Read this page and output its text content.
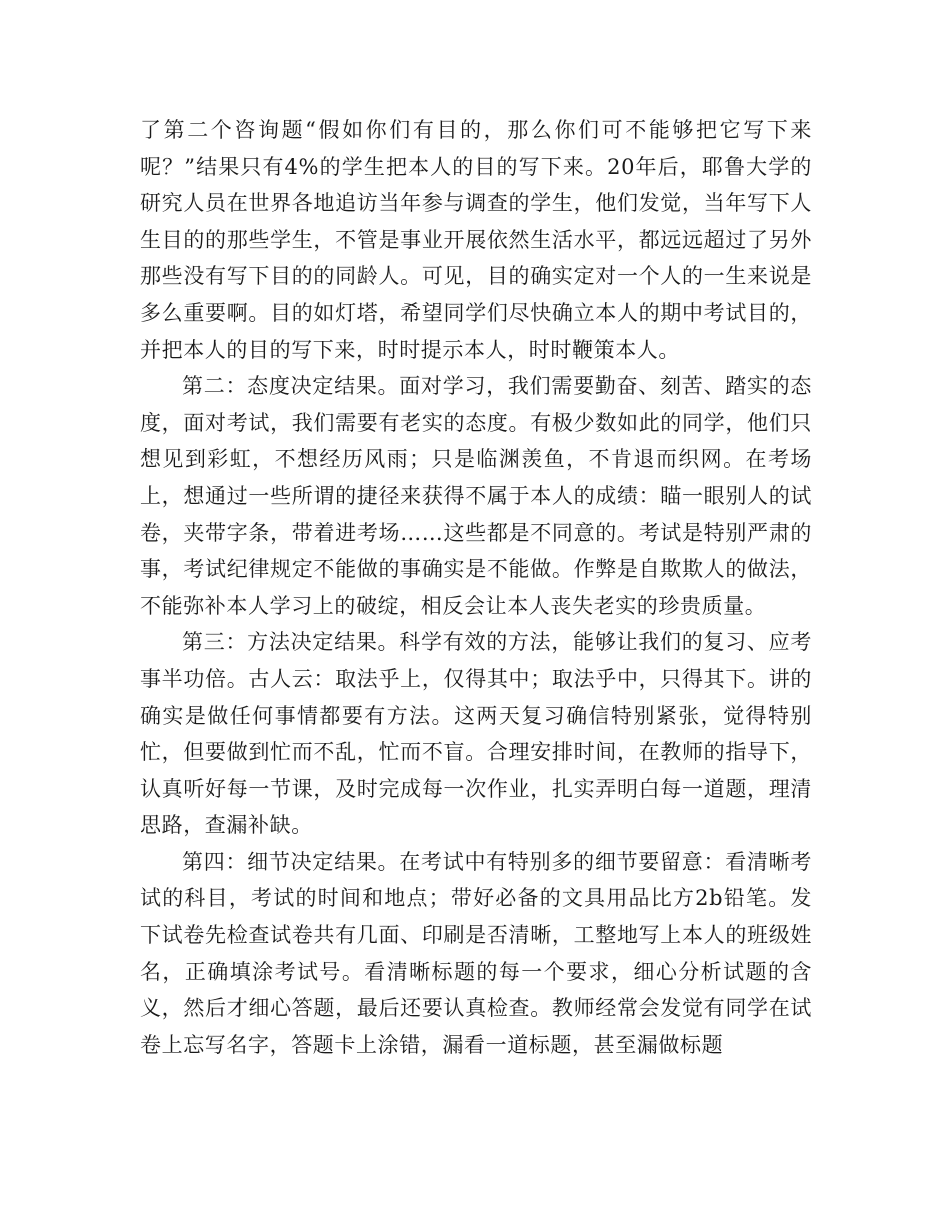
了第二个咨询题“假如你们有目的，那么你们可不能够把它写下来呢？”结果只有4%的学生把本人的目的写下来。20年后，耶鲁大学的研究人员在世界各地追访当年参与调查的学生，他们发觉，当年写下人生目的的那些学生，不管是事业开展依然生活水平，都远远超过了另外那些没有写下目的的同龄人。可见，目的确实定对一个人的一生来说是多么重要啊。目的如灯塔，希望同学们尽快确立本人的期中考试目的，并把本人的目的写下来，时时提示本人，时时鞭策本人。

第二：态度决定结果。面对学习，我们需要勤奋、刻苦、踏实的态度，面对考试，我们需要有老实的态度。有极少数如此的同学，他们只想见到彩虹，不想经历风雨；只是临渊羡鱼，不肯退而织网。在考场上，想通过一些所谓的捷径来获得不属于本人的成绩：瞄一眼别人的试卷，夹带字条，带着进考场……这些都是不同意的。考试是特别严肃的事，考试纪律规定不能做的事确实是不能做。作弊是自欺欺人的做法，不能弥补本人学习上的破绽，相反会让本人丧失老实的珍贵质量。

第三：方法决定结果。科学有效的方法，能够让我们的复习、应考事半功倍。古人云：取法乎上，仅得其中；取法乎中，只得其下。讲的确实是做任何事情都要有方法。这两天复习确信特别紧张，觉得特别忙，但要做到忙而不乱，忙而不盲。合理安排时间，在教师的指导下，认真听好每一节课，及时完成每一次作业，扎实弄明白每一道题，理清思路，查漏补缺。

第四：细节决定结果。在考试中有特别多的细节要留意：看清晰考试的科目，考试的时间和地点；带好必备的文具用品比方2b铅笔。发下试卷先检查试卷共有几面、印刷是否清晰，工整地写上本人的班级姓名，正确填涂考试号。看清晰标题的每一个要求，细心分析试题的含义，然后才细心答题，最后还要认真检查。教师经常会发觉有同学在试卷上忘写名字，答题卡上涂错，漏看一道标题，甚至漏做标题
